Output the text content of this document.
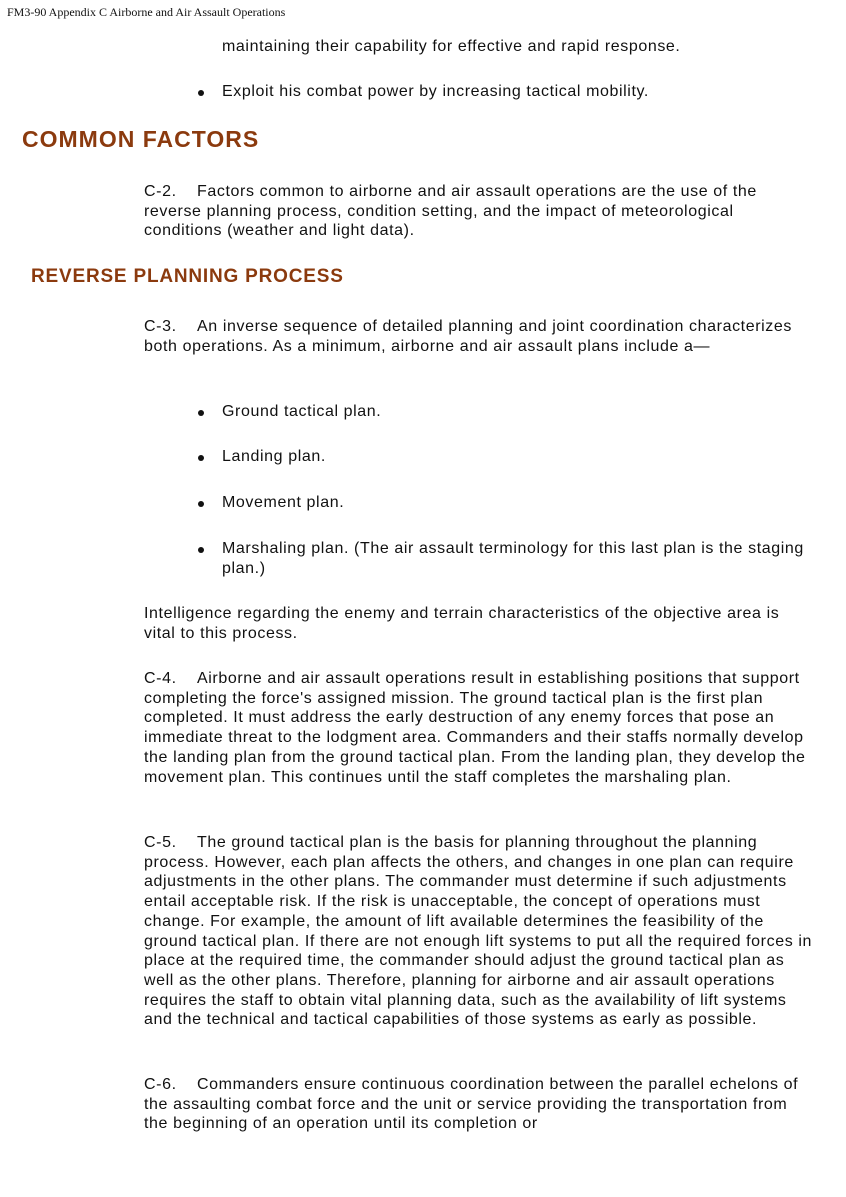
FM3-90 Appendix C Airborne and Air Assault Operations

maintaining their capability for effective and rapid response.

Exploit his combat power by increasing tactical mobility.

COMMON FACTORS

C-2. Factors common to airborne and air assault operations are the use of the reverse planning process, condition setting, and the impact of meteorological conditions (weather and light data).

REVERSE PLANNING PROCESS

C-3. An inverse sequence of detailed planning and joint coordination characterizes both operations. As a minimum, airborne and air assault plans include a—

Ground tactical plan.

Landing plan.

Movement plan.

Marshaling plan. (The air assault terminology for this last plan is the staging plan.)

Intelligence regarding the enemy and terrain characteristics of the objective area is vital to this process.

C-4. Airborne and air assault operations result in establishing positions that support completing the force's assigned mission. The ground tactical plan is the first plan completed. It must address the early destruction of any enemy forces that pose an immediate threat to the lodgment area. Commanders and their staffs normally develop the landing plan from the ground tactical plan. From the landing plan, they develop the movement plan. This continues until the staff completes the marshaling plan.

C-5. The ground tactical plan is the basis for planning throughout the planning process. However, each plan affects the others, and changes in one plan can require adjustments in the other plans. The commander must determine if such adjustments entail acceptable risk. If the risk is unacceptable, the concept of operations must change. For example, the amount of lift available determines the feasibility of the ground tactical plan. If there are not enough lift systems to put all the required forces in place at the required time, the commander should adjust the ground tactical plan as well as the other plans. Therefore, planning for airborne and air assault operations requires the staff to obtain vital planning data, such as the availability of lift systems and the technical and tactical capabilities of those systems as early as possible.

C-6. Commanders ensure continuous coordination between the parallel echelons of the assaulting combat force and the unit or service providing the transportation from the beginning of an operation until its completion or
